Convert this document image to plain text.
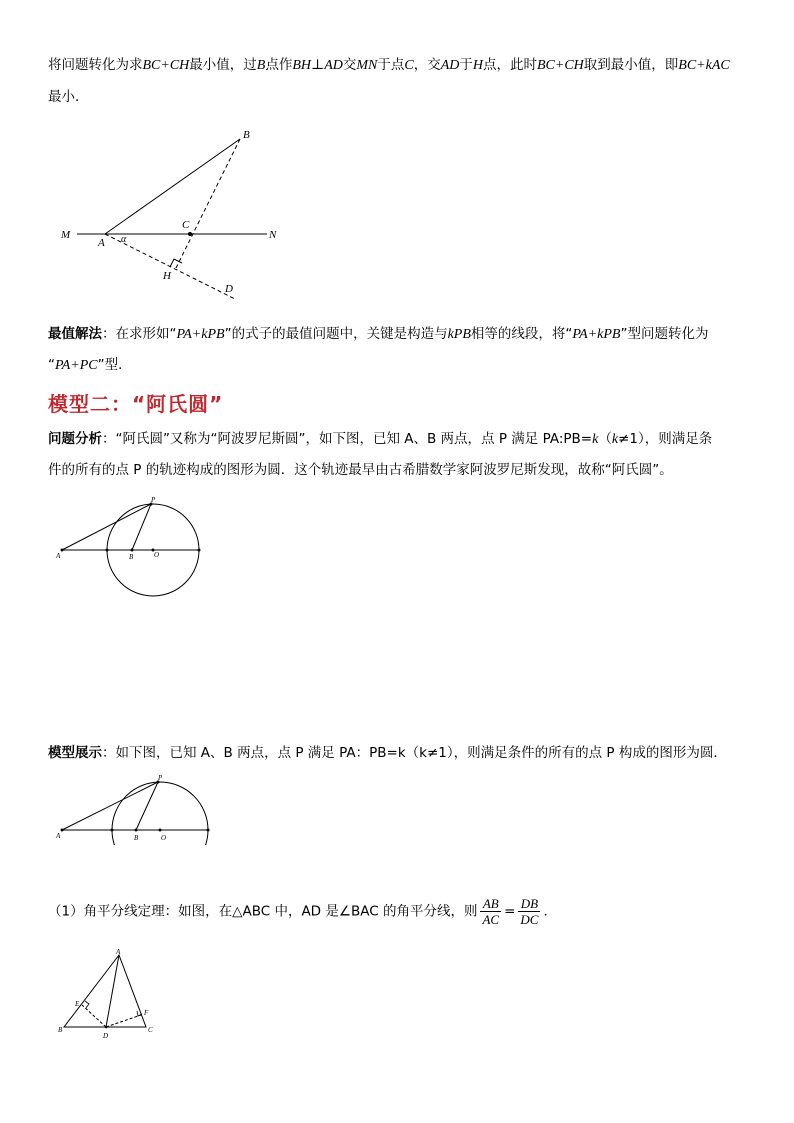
将问题转化为求BC+CH最小值，过B点作BH⊥AD交MN于点C，交AD于H点，此时BC+CH取到最小值，即BC+kAC
最小．
M
A α
C
N
B
H
D
最值解法：在求形如“PA+kPB”的式子的最值问题中，关键是构造与kPB相等的线段，将“PA+kPB”型问题转化为
“PA+PC”型．
模型二：“阿氏圆”
问题分析：“阿氏圆”又称为“阿波罗尼斯圆”，如下图，已知 A、B 两点，点 P 满足 PA:PB=k（k≠1），则满足条
件的所有的点 P 的轨迹构成的图形为圆．这个轨迹最早由古希腊数学家阿波罗尼斯发现，故称“阿氏圆”。
A	B	O
P
模型展示：如下图，已知 A、B 两点，点 P 满足 PA：PB=k（k≠1），则满足条件的所有的点 P 构成的图形为圆．
A	B	O
P
（1）角平分线定理：如图，在△ABC 中，AD 是∠BAC 的角平分线，则 $\frac{AB}{AC} = \frac{DB}{DC}$ ．
A
B	C
D
E
F
